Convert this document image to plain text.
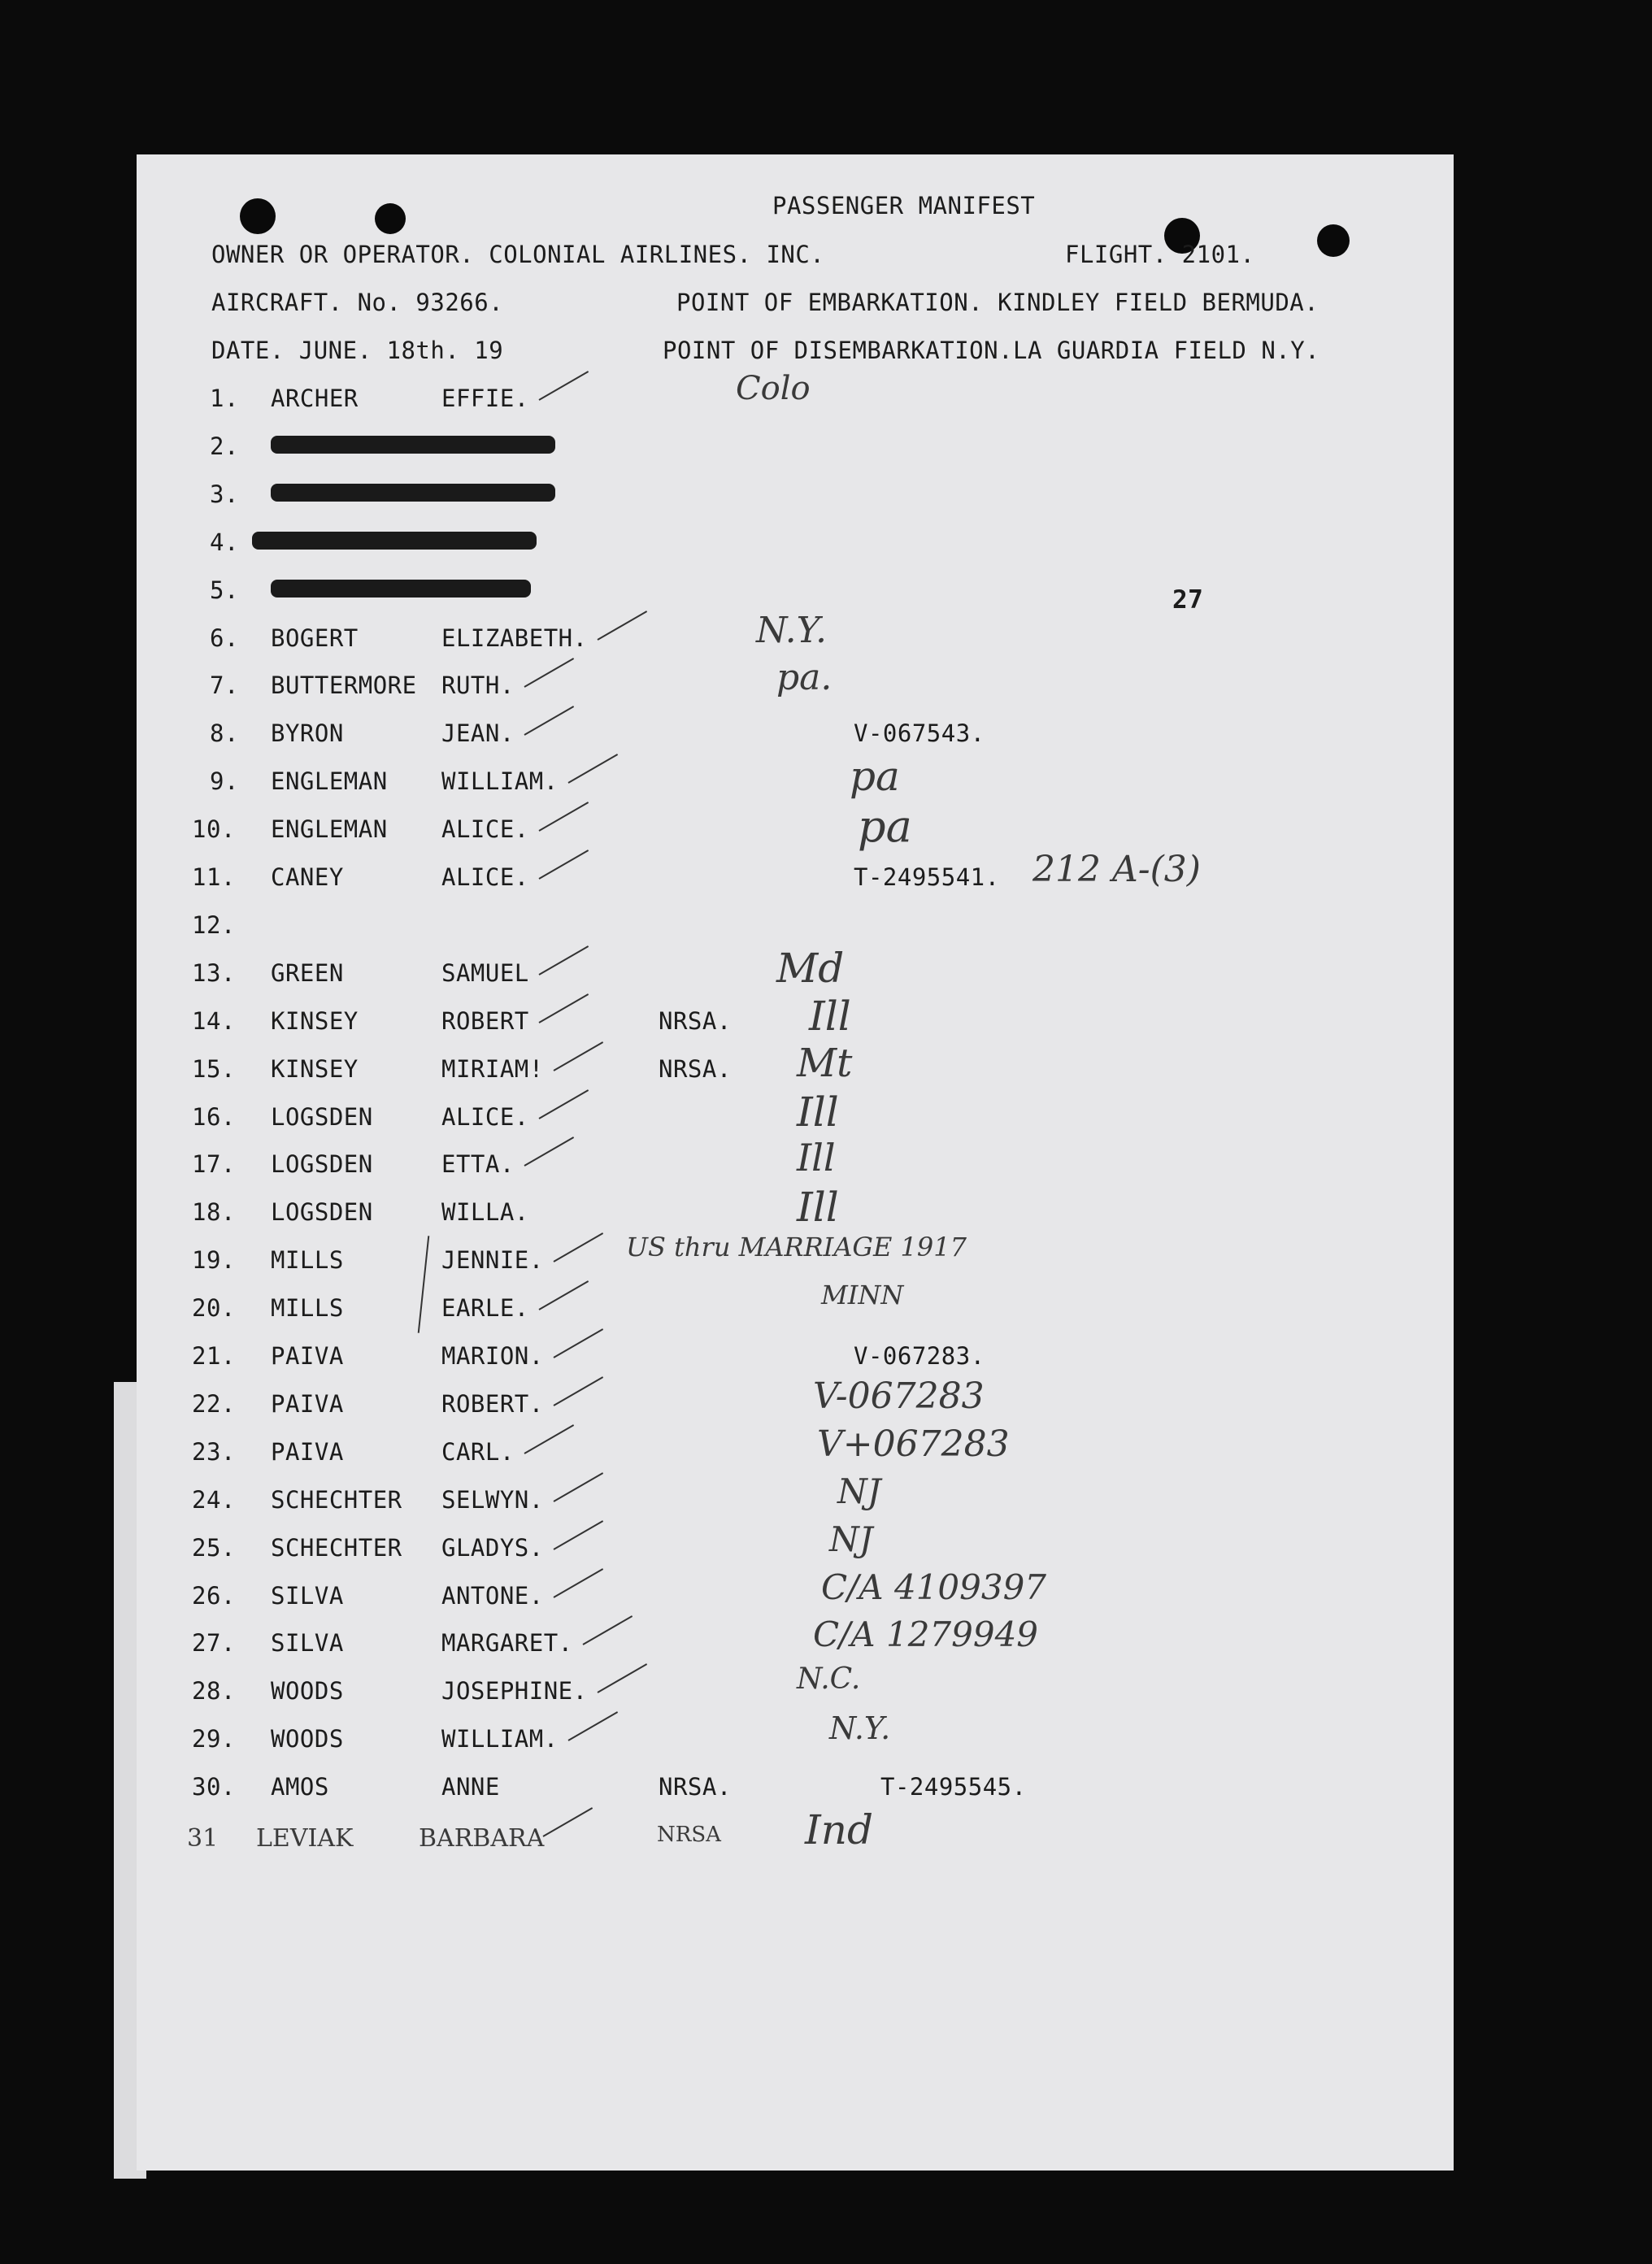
PASSENGER MANIFEST
OWNER OR OPERATOR. COLONIAL AIRLINES. INC.	FLIGHT. 2101.
AIRCRAFT. No. 93266.	POINT OF EMBARKATION. KINDLEY FIELD BERMUDA.
DATE. JUNE. 18th. 19	POINT OF DISEMBARKATION.LA GUARDIA FIELD N.Y.
27
1. ARCHER	EFFIE.	Colo
2.
3.
4.
5.
6. BOGERT	ELIZABETH.	N.Y.
7. BUTTERMORE RUTH.	pa.
8. BYRON	JEAN.	V-067543.
9. ENGLEMAN WILLIAM.	pa
10. ENGLEMAN ALICE.	pa
11. CANEY	ALICE.	T-2495541. 212 A-(3)
12.
13. GREEN	SAMUEL	Md
14. KINSEY	ROBERT	NRSA. Ill
15. KINSEY	MIRIAM!	NRSA. Mt
16. LOGSDEN	ALICE.	Ill
17. LOGSDEN	ETTA.	Ill
18. LOGSDEN	WILLA.	Ill
19. MILLS	JENNIE.	US thru MARRIAGE 1917
20. MILLS	EARLE.	MINN
21. PAIVA	MARION.	V-067283.
22. PAIVA	ROBERT.	V-067283
23. PAIVA	CARL.	V+067283
24. SCHECHTER SELWYN.	NJ
25. SCHECHTER GLADYS.	NJ
26. SILVA	ANTONE.	C/A 4109397
27. SILVA	MARGARET.	C/A 1279949
28. WOODS	JOSEPHINE.	N.C.
29. WOODS	WILLIAM.	N.Y.
30. AMOS	ANNE	NRSA.	T-2495545.
31 LEVIAK	BARBARA	NRSA Ind
